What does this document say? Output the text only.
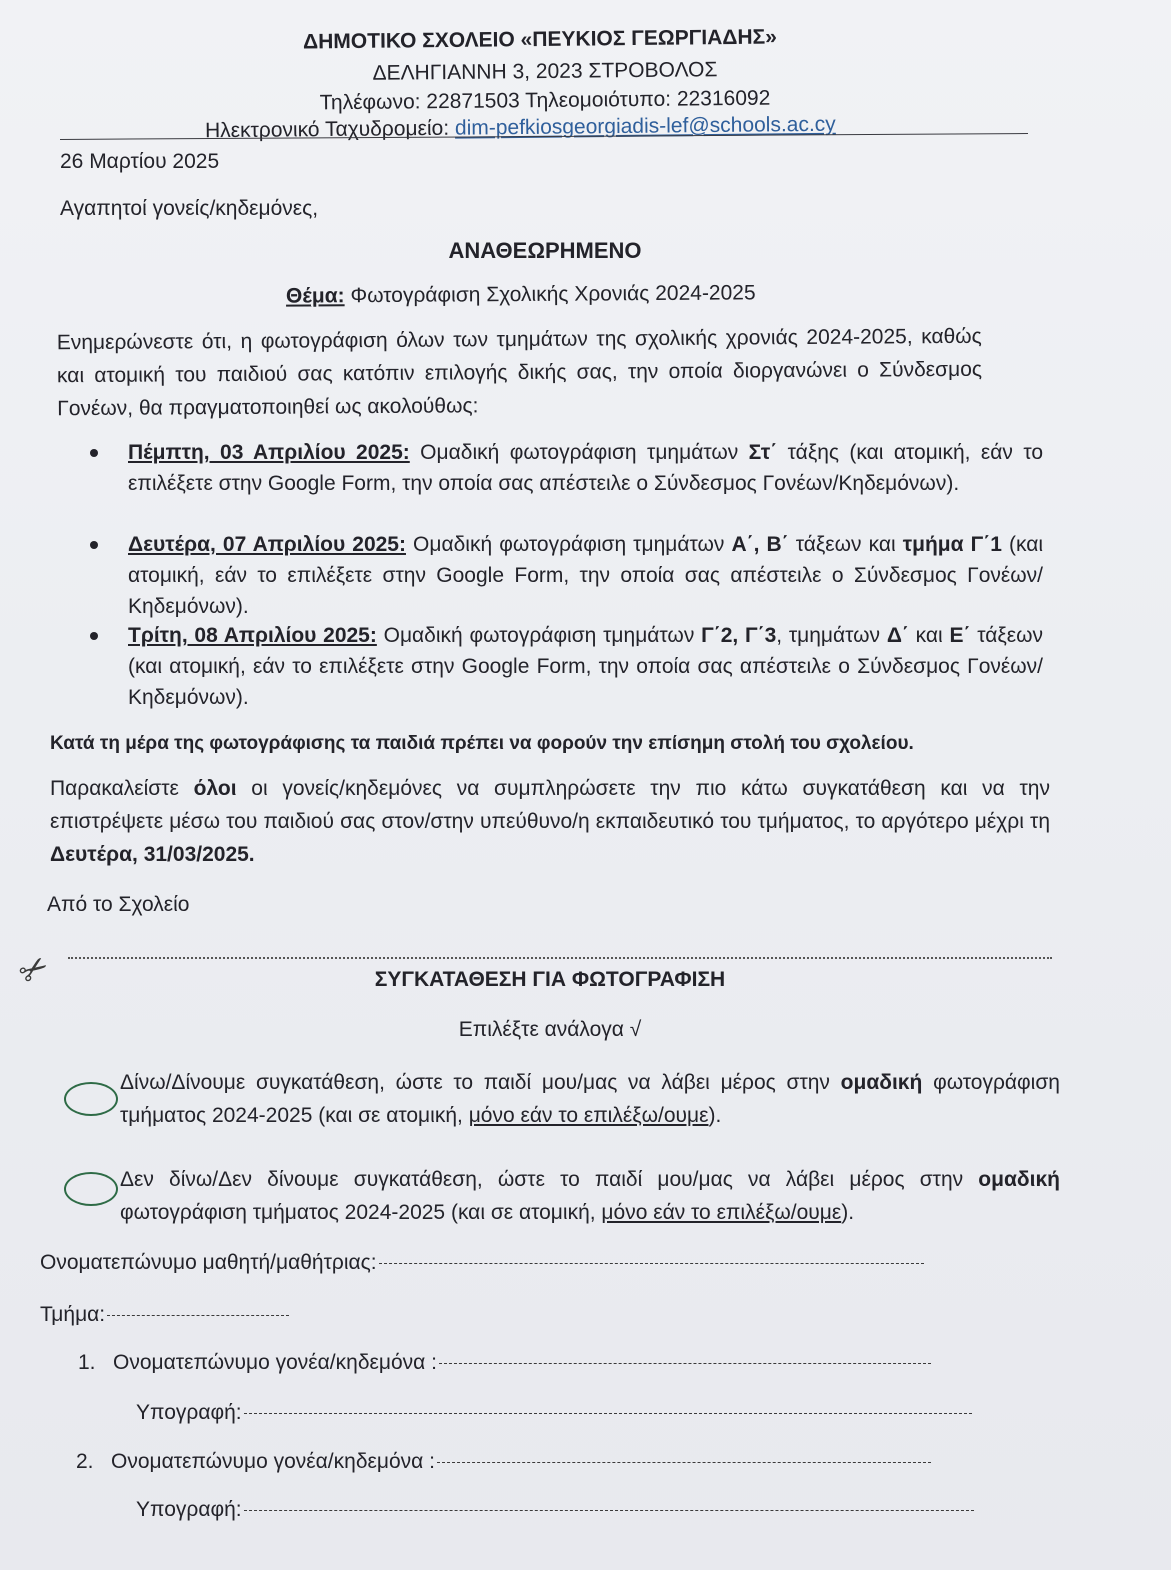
ΔΗΜΟΤΙΚΟ ΣΧΟΛΕΙΟ «ΠΕΥΚΙΟΣ ΓΕΩΡΓΙΑΔΗΣ»
ΔΕΛΗΓΙΑΝΝΗ 3, 2023 ΣΤΡΟΒΟΛΟΣ
Τηλέφωνο: 22871503 Τηλεομοιότυπο: 22316092
Ηλεκτρονικό Ταχυδρομείο: dim-pefkiosgeorgiadis-lef@schools.ac.cy
26 Μαρτίου 2025
Αγαπητοί γονείς/κηδεμόνες,
ΑΝΑΘΕΩΡΗΜΕΝΟ
Θέμα: Φωτογράφιση Σχολικής Χρονιάς 2024-2025
Ενημερώνεστε ότι, η φωτογράφιση όλων των τμημάτων της σχολικής χρονιάς 2024-2025, καθώς και ατομική του παιδιού σας κατόπιν επιλογής δικής σας, την οποία διοργανώνει ο Σύνδεσμος Γονέων, θα πραγματοποιηθεί ως ακολούθως:
Πέμπτη, 03 Απριλίου 2025: Ομαδική φωτογράφιση τμημάτων Στ΄ τάξης (και ατομική, εάν το επιλέξετε στην Google Form, την οποία σας απέστειλε ο Σύνδεσμος Γονέων/Κηδεμόνων).
Δευτέρα, 07 Απριλίου 2025: Ομαδική φωτογράφιση τμημάτων Α΄, Β΄ τάξεων και τμήμα Γ΄1 (και ατομική, εάν το επιλέξετε στην Google Form, την οποία σας απέστειλε ο Σύνδεσμος Γονέων/Κηδεμόνων).
Τρίτη, 08 Απριλίου 2025: Ομαδική φωτογράφιση τμημάτων Γ΄2, Γ΄3, τμημάτων Δ΄ και Ε΄ τάξεων (και ατομική, εάν το επιλέξετε στην Google Form, την οποία σας απέστειλε ο Σύνδεσμος Γονέων/Κηδεμόνων).
Κατά τη μέρα της φωτογράφισης τα παιδιά πρέπει να φορούν την επίσημη στολή του σχολείου.
Παρακαλείστε όλοι οι γονείς/κηδεμόνες να συμπληρώσετε την πιο κάτω συγκατάθεση και να την επιστρέψετε μέσω του παιδιού σας στον/στην υπεύθυνο/η εκπαιδευτικό του τμήματος, το αργότερο μέχρι τη Δευτέρα, 31/03/2025.
Από το Σχολείο
✂	ΣΥΓΚΑΤΑΘΕΣΗ ΓΙΑ ΦΩΤΟΓΡΑΦΙΣΗ
Επιλέξτε ανάλογα √
Δίνω/Δίνουμε συγκατάθεση, ώστε το παιδί μου/μας να λάβει μέρος στην ομαδική φωτογράφιση τμήματος 2024-2025 (και σε ατομική, μόνο εάν το επιλέξω/ουμε).
Δεν δίνω/Δεν δίνουμε συγκατάθεση, ώστε το παιδί μου/μας να λάβει μέρος στην ομαδική φωτογράφιση τμήματος 2024-2025 (και σε ατομική, μόνο εάν το επιλέξω/ουμε).
Ονοματεπώνυμο μαθητή/μαθήτριας:
Τμήμα:
1. Ονοματεπώνυμο γονέα/κηδεμόνα :
Υπογραφή:
2. Ονοματεπώνυμο γονέα/κηδεμόνα :
Υπογραφή:
